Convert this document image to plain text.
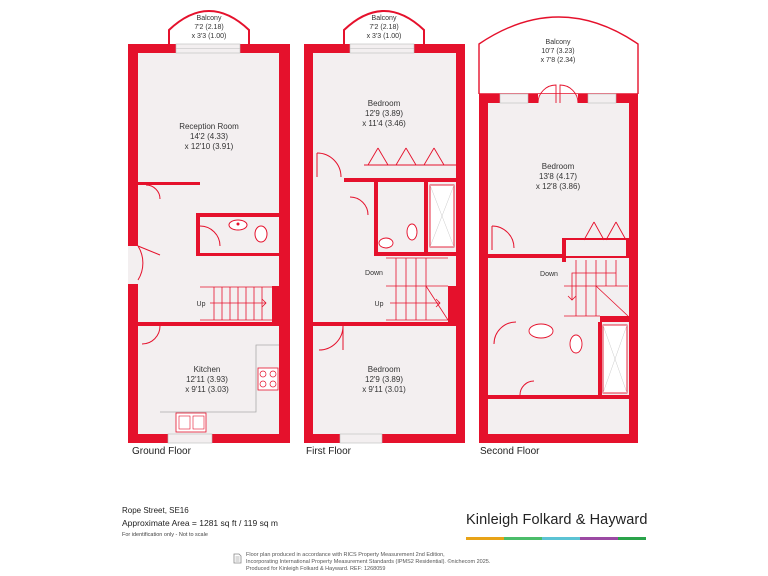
Balcony
7'2 (2.18)
x 3'3 (1.00)
Up
Reception Room
14'2 (4.33)
x 12'10 (3.91)
Kitchen
12'11 (3.93)
x 9'11 (3.03)
Balcony
7'2 (2.18)
x 3'3 (1.00)
Down
Up
Bedroom
12'9 (3.89)
x 11'4 (3.46)
Bedroom
12'9 (3.89)
x 9'11 (3.01)
Balcony
10'7 (3.23)
x 7'8 (2.34)
Down
Bedroom
13'8 (4.17)
x 12'8 (3.86)
Ground Floor	First Floor	Second Floor
Rope Street, SE16
Approximate Area = 1281 sq ft / 119 sq m
For identification only - Not to scale
Kinleigh Folkard & Hayward
Floor plan produced in accordance with RICS Property Measurement 2nd Edition,
Incorporating International Property Measurement Standards (IPMS2 Residential). ©nichecom 2025.
Produced for Kinleigh Folkard & Hayward. REF: 1268059
